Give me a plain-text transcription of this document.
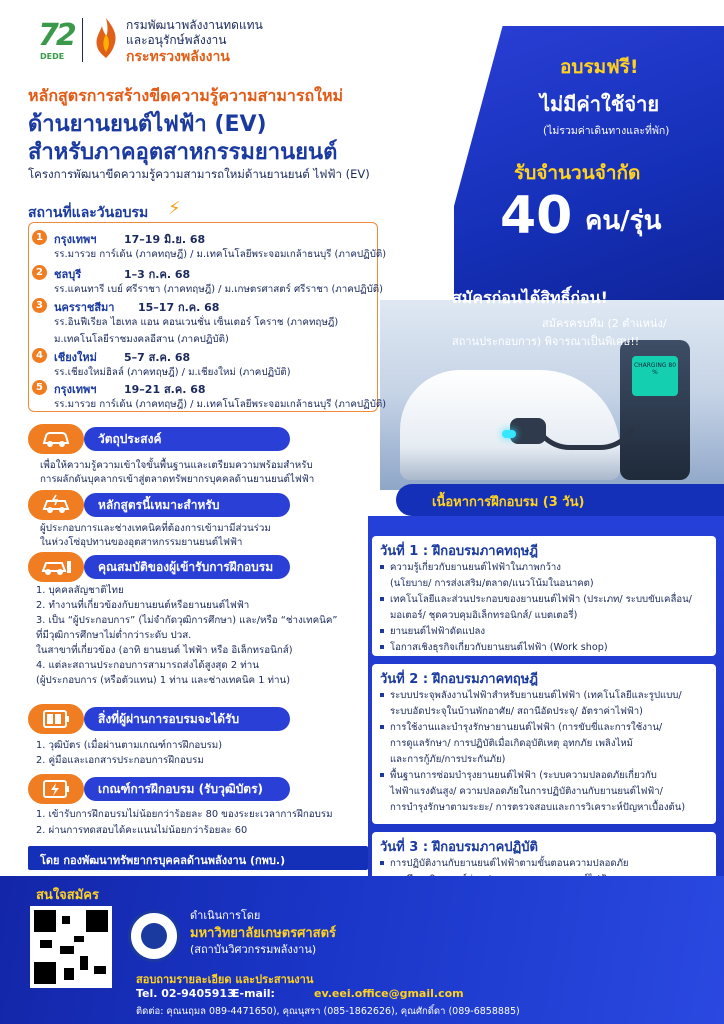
72
DEDE
กรมพัฒนาพลังงานทดแทน
และอนุรักษ์พลังงาน
กระทรวงพลังงาน
หลักสูตรการสร้างขีดความรู้ความสามารถใหม่
ด้านยานยนต์ไฟฟ้า (EV)
สำหรับภาคอุตสาหกรรมยานยนต์
โครงการพัฒนาขีดความรู้ความสามารถใหม่ด้านยานยนต์ ไฟฟ้า (EV)
อบรมฟรี!
ไม่มีค่าใช้จ่าย
(ไม่รวมค่าเดินทางและที่พัก)
รับจำนวนจำกัด
40 คน/รุ่น
CHARGING 80 %
สมัครก่อนได้สิทธิ์ก่อน!
สมัครครบทีม (2 ตำแหน่ง/
สถานประกอบการ) พิจารณาเป็นพิเศษ!!
สถานที่และวันอบรม ⚡
1	กรุงเทพฯ	17–19 มิ.ย. 68
รร.มารวย การ์เด้น (ภาคทฤษฎี) / ม.เทคโนโลยีพระจอมเกล้าธนบุรี (ภาคปฏิบัติ)
2	ชลบุรี	1–3 ก.ค. 68
รร.แคนทารี เบย์ ศรีราชา (ภาคทฤษฎี) / ม.เกษตรศาสตร์ ศรีราชา (ภาคปฏิบัติ)
3	นครราชสีมา 15–17 ก.ค. 68
รร.อินฟีเรียล ไฮเทล แอน คอนเวนชั่น เซ็นเตอร์ โคราช (ภาคทฤษฎี)
ม.เทคโนโลยีราชมงคลอีสาน (ภาคปฏิบัติ)
4	เชียงใหม่ 5–7 ส.ค. 68
รร.เชียงใหม่ฮิลล์ (ภาคทฤษฎี) / ม.เชียงใหม่ (ภาคปฏิบัติ)
5	กรุงเทพฯ	19–21 ส.ค. 68
รร.มารวย การ์เด้น (ภาคทฤษฎี) / ม.เทคโนโลยีพระจอมเกล้าธนบุรี (ภาคปฏิบัติ)
วัตถุประสงค์
เพื่อให้ความรู้ความเข้าใจขั้นพื้นฐานและเตรียมความพร้อมสำหรับ
การผลักดันบุคลากรเข้าสู่ตลาดทรัพยากรบุคคลด้านยานยนต์ไฟฟ้า
หลักสูตรนี้เหมาะสำหรับ
ผู้ประกอบการและช่างเทคนิคที่ต้องการเข้ามามีส่วนร่วม
ในห่วงโซ่อุปทานของอุตสาหกรรมยานยนต์ไฟฟ้า
คุณสมบัติของผู้เข้ารับการฝึกอบรม
1. บุคคลสัญชาติไทย
2. ทำงานที่เกี่ยวข้องกับยานยนต์หรือยานยนต์ไฟฟ้า
3. เป็น “ผู้ประกอบการ” (ไม่จำกัดวุฒิการศึกษา) และ/หรือ “ช่างเทคนิค”
ที่มีวุฒิการศึกษาไม่ต่ำกว่าระดับ ปวส.
ในสาขาที่เกี่ยวข้อง (อาทิ ยานยนต์ ไฟฟ้า หรือ อิเล็กทรอนิกส์)
4. แต่ละสถานประกอบการสามารถส่งได้สูงสุด 2 ท่าน
(ผู้ประกอบการ (หรือตัวแทน) 1 ท่าน และช่างเทคนิค 1 ท่าน)
สิ่งที่ผู้ผ่านการอบรมจะได้รับ
1. วุฒิบัตร (เมื่อผ่านตามเกณฑ์การฝึกอบรม)
2. คู่มือและเอกสารประกอบการฝึกอบรม
เกณฑ์การฝึกอบรม (รับวุฒิบัตร)
1. เข้ารับการฝึกอบรมไม่น้อยกว่าร้อยละ 80 ของระยะเวลาการฝึกอบรม
2. ผ่านการทดสอบได้คะแนนไม่น้อยกว่าร้อยละ 60
เนื้อหาการฝึกอบรม (3 วัน)
วันที่ 1 : ฝึกอบรมภาคทฤษฎี
ความรู้เกี่ยวกับยานยนต์ไฟฟ้าในภาพกว้าง
(นโยบาย/ การส่งเสริม/ตลาด/แนวโน้มในอนาคต)
เทคโนโลยีและส่วนประกอบของยานยนต์ไฟฟ้า (ประเภท/ ระบบขับเคลื่อน/
มอเตอร์/ ชุดควบคุมอิเล็กทรอนิกส์/ แบตเตอรี่)
ยานยนต์ไฟฟ้าดัดแปลง
โอกาสเชิงธุรกิจเกี่ยวกับยานยนต์ไฟฟ้า (Work shop)
วันที่ 2 : ฝึกอบรมภาคทฤษฎี
ระบบประจุพลังงานไฟฟ้าสำหรับยานยนต์ไฟฟ้า (เทคโนโลยีและรูปแบบ/
ระบบอัดประจุในบ้านพักอาศัย/ สถานีอัดประจุ/ อัตราค่าไฟฟ้า)
การใช้งานและบำรุงรักษายานยนต์ไฟฟ้า (การขับขี่และการใช้งาน/
การดูแลรักษา/ การปฏิบัติเมื่อเกิดอุบัติเหตุ อุทกภัย เพลิงไหม้
และการกู้ภัย/การประกันภัย)
พื้นฐานการซ่อมบำรุงยานยนต์ไฟฟ้า (ระบบความปลอดภัยเกี่ยวกับ
ไฟฟ้าแรงดันสูง/ ความปลอดภัยในการปฏิบัติงานกับยานยนต์ไฟฟ้า/
การบำรุงรักษาตามระยะ/ การตรวจสอบและการวิเคราะห์ปัญหาเบื้องต้น)
วันที่ 3 : ฝึกอบรมภาคปฏิบัติ
การปฏิบัติงานกับยานยนต์ไฟฟ้าตามขั้นตอนความปลอดภัย
โดย กองพัฒนาทรัพยากรบุคคลด้านพลังงาน (กพบ.)
สนใจสมัคร
ดำเนินการโดย
มหาวิทยาลัยเกษตรศาสตร์
(สถาบันวิศวกรรมพลังงาน)
สอบถามรายละเอียด และประสานงาน
Tel. 02-9405913
E-mail:	ev.eei.office@gmail.com
ติดต่อ: คุณนฤมล 089-4471650), คุณนุสรา (085-1862626), คุณศักดิ์ดา (089-6858885)
